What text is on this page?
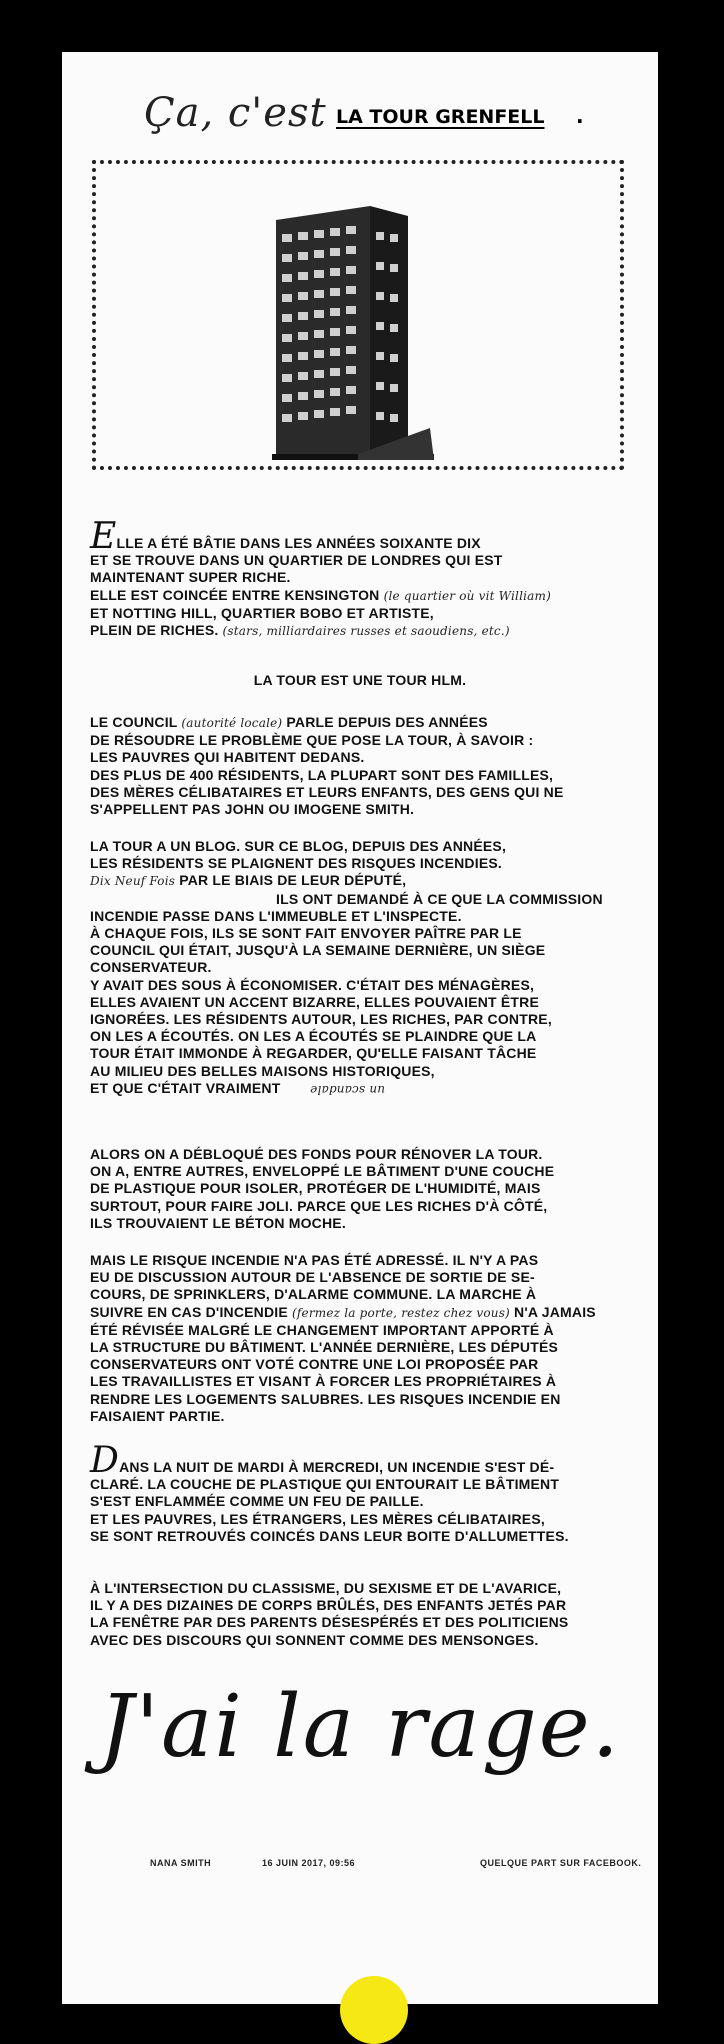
Ça, c'est LA TOUR GRENFELL .
ELLE A ÉTÉ BÂTIE DANS LES ANNÉES SOIXANTE DIX
ET SE TROUVE DANS UN QUARTIER DE LONDRES QUI EST
MAINTENANT SUPER RICHE.
ELLE EST COINCÉE ENTRE KENSINGTON (le quartier où vit William)
ET NOTTING HILL, QUARTIER BOBO ET ARTISTE,
PLEIN DE RICHES. (stars, milliardaires russes et saoudiens, etc.)
LA TOUR EST UNE TOUR HLM.
LE COUNCIL (autorité locale) PARLE DEPUIS DES ANNÉES
DE RÉSOUDRE LE PROBLÈME QUE POSE LA TOUR, À SAVOIR :
LES PAUVRES QUI HABITENT DEDANS.
DES PLUS DE 400 RÉSIDENTS, LA PLUPART SONT DES FAMILLES,
DES MÈRES CÉLIBATAIRES ET LEURS ENFANTS, DES GENS QUI NE
S'APPELLENT PAS JOHN OU IMOGENE SMITH.
LA TOUR A UN BLOG. SUR CE BLOG, DEPUIS DES ANNÉES,
LES RÉSIDENTS SE PLAIGNENT DES RISQUES INCENDIES.
Dix Neuf Fois PAR LE BIAIS DE LEUR DÉPUTÉ,
ILS ONT DEMANDÉ À CE QUE LA COMMISSION
INCENDIE PASSE DANS L'IMMEUBLE ET L'INSPECTE.
À CHAQUE FOIS, ILS SE SONT FAIT ENVOYER PAÎTRE PAR LE
COUNCIL QUI ÉTAIT, JUSQU'À LA SEMAINE DERNIÈRE, UN SIÈGE
CONSERVATEUR.
Y AVAIT DES SOUS À ÉCONOMISER. C'ÉTAIT DES MÉNAGÈRES,
ELLES AVAIENT UN ACCENT BIZARRE, ELLES POUVAIENT ÊTRE
IGNORÉES. LES RÉSIDENTS AUTOUR, LES RICHES, PAR CONTRE,
ON LES A ÉCOUTÉS. ON LES A ÉCOUTÉS SE PLAINDRE QUE LA
TOUR ÉTAIT IMMONDE À REGARDER, QU'ELLE FAISANT TÂCHE
AU MILIEU DES BELLES MAISONS HISTORIQUES,
ET QUE C'ÉTAIT VRAIMENT	un scandale
ALORS ON A DÉBLOQUÉ DES FONDS POUR RÉNOVER LA TOUR.
ON A, ENTRE AUTRES, ENVELOPPÉ LE BÂTIMENT D'UNE COUCHE
DE PLASTIQUE POUR ISOLER, PROTÉGER DE L'HUMIDITÉ, MAIS
SURTOUT, POUR FAIRE JOLI. PARCE QUE LES RICHES D'À CÔTÉ,
ILS TROUVAIENT LE BÉTON MOCHE.
MAIS LE RISQUE INCENDIE N'A PAS ÉTÉ ADRESSÉ. IL N'Y A PAS
EU DE DISCUSSION AUTOUR DE L'ABSENCE DE SORTIE DE SE-
COURS, DE SPRINKLERS, D'ALARME COMMUNE. LA MARCHE À
SUIVRE EN CAS D'INCENDIE (fermez la porte, restez chez vous) N'A JAMAIS
ÉTÉ RÉVISÉE MALGRÉ LE CHANGEMENT IMPORTANT APPORTÉ À
LA STRUCTURE DU BÂTIMENT. L'ANNÉE DERNIÈRE, LES DÉPUTÉS
CONSERVATEURS ONT VOTÉ CONTRE UNE LOI PROPOSÉE PAR
LES TRAVAILLISTES ET VISANT À FORCER LES PROPRIÉTAIRES À
RENDRE LES LOGEMENTS SALUBRES. LES RISQUES INCENDIE EN
FAISAIENT PARTIE.
DANS LA NUIT DE MARDI À MERCREDI, UN INCENDIE S'EST DÉ-
CLARÉ. LA COUCHE DE PLASTIQUE QUI ENTOURAIT LE BÂTIMENT
S'EST ENFLAMMÉE COMME UN FEU DE PAILLE.
ET LES PAUVRES, LES ÉTRANGERS, LES MÈRES CÉLIBATAIRES,
SE SONT RETROUVÉS COINCÉS DANS LEUR BOITE D'ALLUMETTES.
À L'INTERSECTION DU CLASSISME, DU SEXISME ET DE L'AVARICE,
IL Y A DES DIZAINES DE CORPS BRÛLÉS, DES ENFANTS JETÉS PAR
LA FENÊTRE PAR DES PARENTS DÉSESPÉRÉS ET DES POLITICIENS
AVEC DES DISCOURS QUI SONNENT COMME DES MENSONGES.
J'ai la rage.
NANA SMITH	16 JUIN 2017, 09:56	QUELQUE PART SUR FACEBOOK.
